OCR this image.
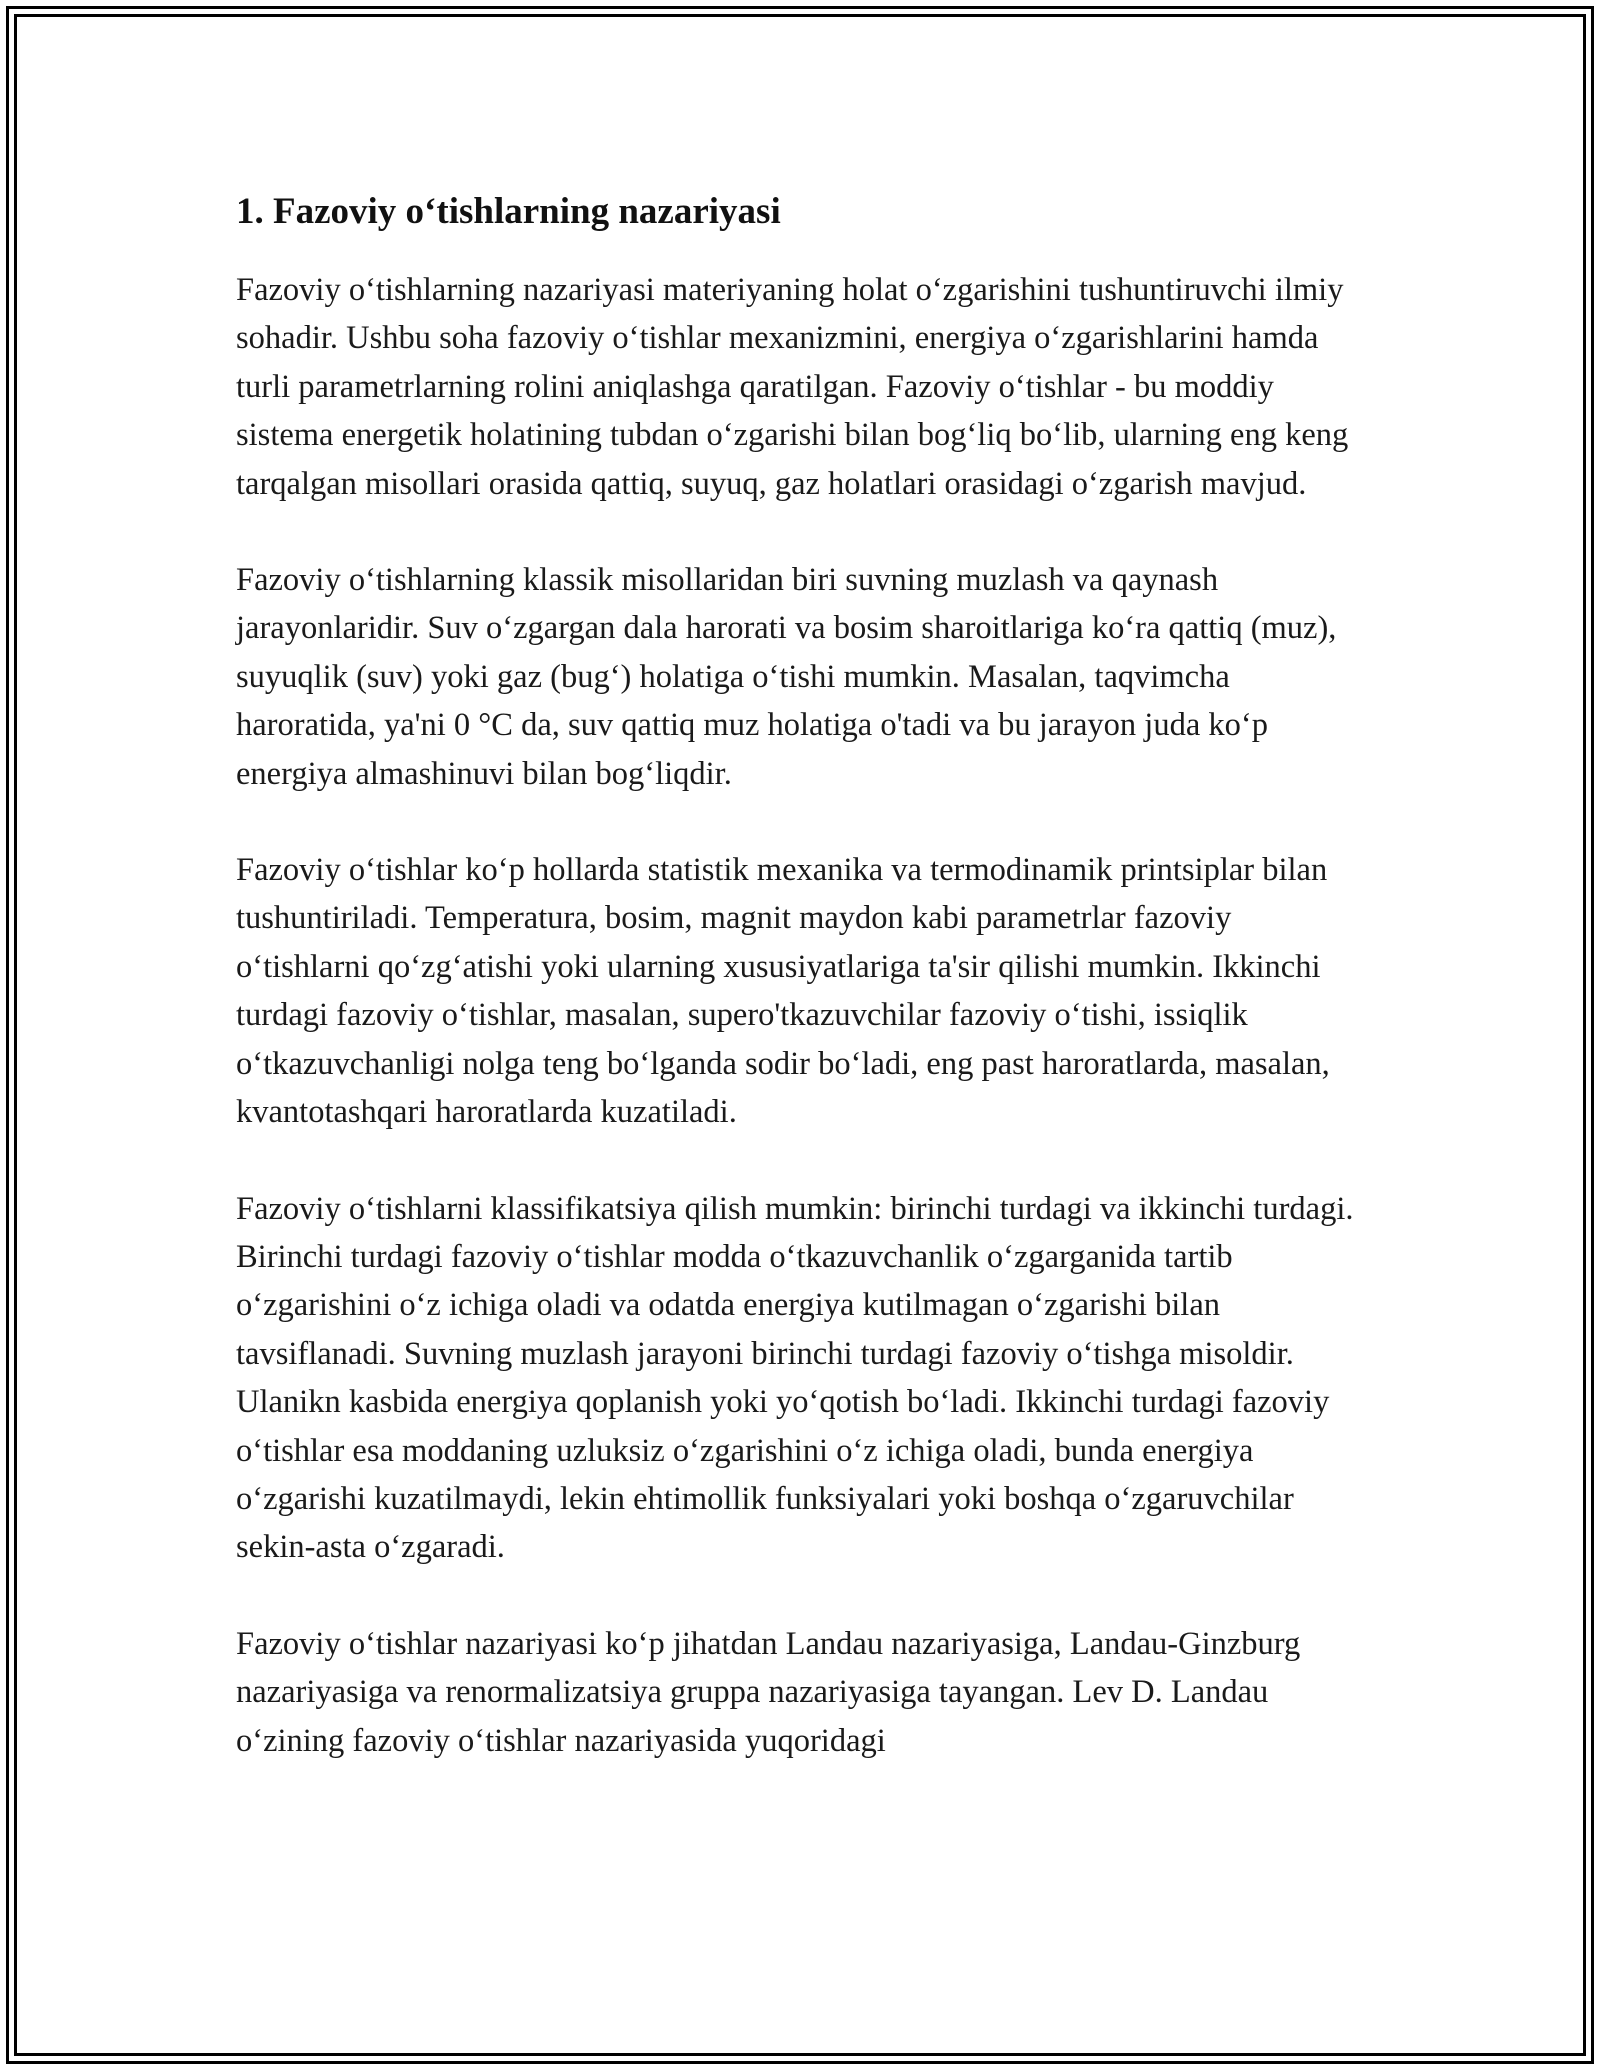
1. Fazoviy o‘tishlarning nazariyasi

Fazoviy o‘tishlarning nazariyasi materiyaning holat o‘zgarishini tushuntiruvchi ilmiy sohadir. Ushbu soha fazoviy o‘tishlar mexanizmini, energiya o‘zgarishlarini hamda turli parametrlarning rolini aniqlashga qaratilgan. Fazoviy o‘tishlar - bu moddiy sistema energetik holatining tubdan o‘zgarishi bilan bog‘liq bo‘lib, ularning eng keng tarqalgan misollari orasida qattiq, suyuq, gaz holatlari orasidagi o‘zgarish mavjud.

Fazoviy o‘tishlarning klassik misollaridan biri suvning muzlash va qaynash jarayonlaridir. Suv o‘zgargan dala harorati va bosim sharoitlariga ko‘ra qattiq (muz), suyuqlik (suv) yoki gaz (bug‘) holatiga o‘tishi mumkin. Masalan, taqvimcha haroratida, ya'ni 0 °C da, suv qattiq muz holatiga o'tadi va bu jarayon juda ko‘p energiya almashinuvi bilan bog‘liqdir.

Fazoviy o‘tishlar ko‘p hollarda statistik mexanika va termodinamik printsiplar bilan tushuntiriladi. Temperatura, bosim, magnit maydon kabi parametrlar fazoviy o‘tishlarni qo‘zg‘atishi yoki ularning xususiyatlariga ta'sir qilishi mumkin. Ikkinchi turdagi fazoviy o‘tishlar, masalan, supero'tkazuvchilar fazoviy o‘tishi, issiqlik o‘tkazuvchanligi nolga teng bo‘lganda sodir bo‘ladi, eng past haroratlarda, masalan, kvantotashqari haroratlarda kuzatiladi.

Fazoviy o‘tishlarni klassifikatsiya qilish mumkin: birinchi turdagi va ikkinchi turdagi. Birinchi turdagi fazoviy o‘tishlar modda o‘tkazuvchanlik o‘zgarganida tartib o‘zgarishini o‘z ichiga oladi va odatda energiya kutilmagan o‘zgarishi bilan tavsiflanadi. Suvning muzlash jarayoni birinchi turdagi fazoviy o‘tishga misoldir. Ulanikn kasbida energiya qoplanish yoki yo‘qotish bo‘ladi. Ikkinchi turdagi fazoviy o‘tishlar esa moddaning uzluksiz o‘zgarishini o‘z ichiga oladi, bunda energiya o‘zgarishi kuzatilmaydi, lekin ehtimollik funksiyalari yoki boshqa o‘zgaruvchilar sekin-asta o‘zgaradi.

Fazoviy o‘tishlar nazariyasi ko‘p jihatdan Landau nazariyasiga, Landau-Ginzburg nazariyasiga va renormalizatsiya gruppa nazariyasiga tayangan. Lev D. Landau o‘zining fazoviy o‘tishlar nazariyasida yuqoridagi
